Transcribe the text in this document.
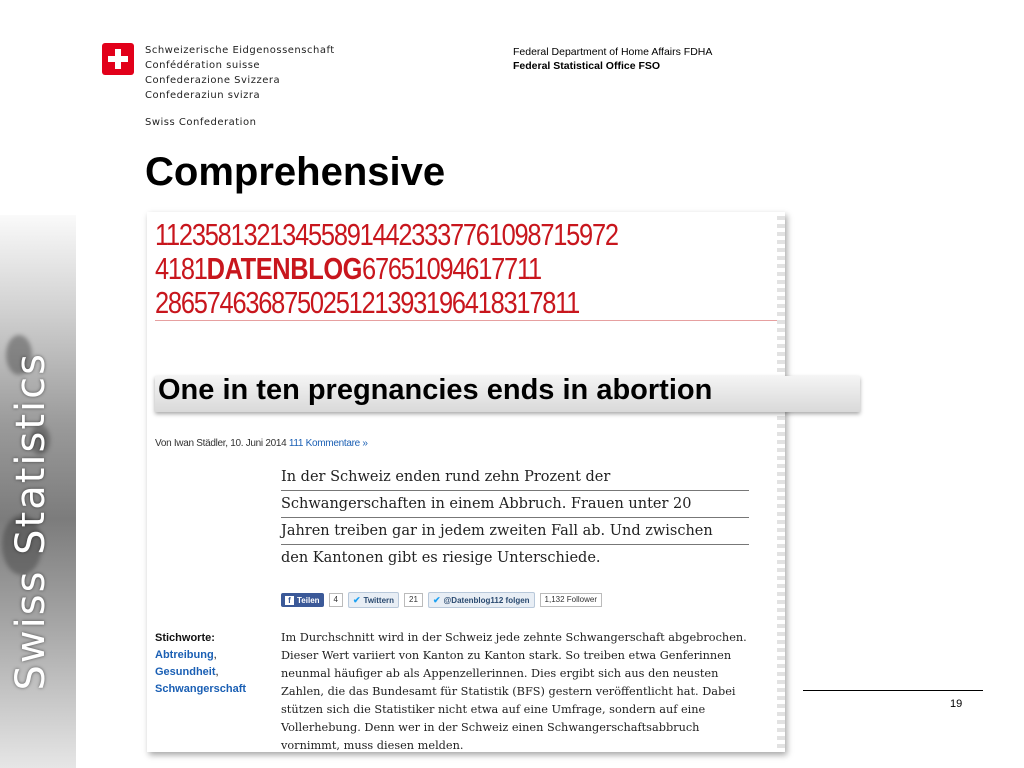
Swiss Statistics
Schweizerische Eidgenossenschaft
Confédération suisse
Confederazione Svizzera
Confederaziun svizra
Swiss Confederation
Federal Department of Home Affairs FDHA
Federal Statistical Office FSO
Comprehensive
1123581321345589144233377610987159​72
4181DATENBLOG67651094617711
28657463687502512139319641831781​1
Von Iwan Städler, 10. Juni 2014 111 Kommentare »
In der Schweiz enden rund zehn Prozent der
Schwangerschaften in einem Abbruch. Frauen unter 20
Jahren treiben gar in jedem zweiten Fall ab. Und zwischen
den Kantonen gibt es riesige Unterschiede.
f Teilen	4	✔ Twittern	21	✔ @Datenblog112 folgen	1,132 Follower
Stichworte:
Abtreibung,
Gesundheit,
Schwangerschaft
Im Durchschnitt wird in der Schweiz jede zehnte Schwangerschaft abgebrochen.
Dieser Wert variiert von Kanton zu Kanton stark. So treiben etwa Genferinnen
neunmal häufiger ab als Appenzellerinnen. Dies ergibt sich aus den neusten
Zahlen, die das Bundesamt für Statistik (BFS) gestern veröffentlicht hat. Dabei
stützen sich die Statistiker nicht etwa auf eine Umfrage, sondern auf eine
Vollerhebung. Denn wer in der Schweiz einen Schwangerschaftsabbruch
vornimmt, muss diesen melden.
One in ten pregnancies ends in abortion
19
